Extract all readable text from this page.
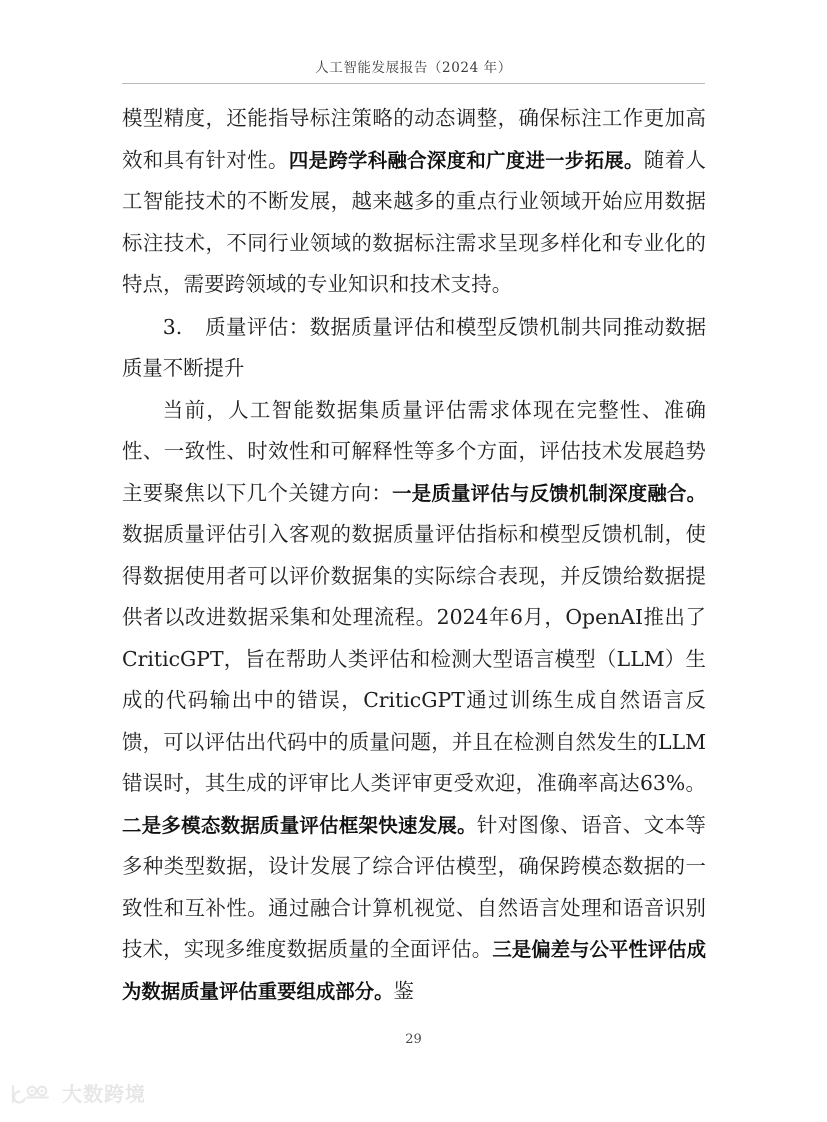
人工智能发展报告（2024 年）

模型精度，还能指导标注策略的动态调整，确保标注工作更加高效和具有针对性。四是跨学科融合深度和广度进一步拓展。随着人工智能技术的不断发展，越来越多的重点行业领域开始应用数据标注技术，不同行业领域的数据标注需求呈现多样化和专业化的特点，需要跨领域的专业知识和技术支持。

3. 质量评估：数据质量评估和模型反馈机制共同推动数据质量不断提升

当前，人工智能数据集质量评估需求体现在完整性、准确性、一致性、时效性和可解释性等多个方面，评估技术发展趋势主要聚焦以下几个关键方向：一是质量评估与反馈机制深度融合。数据质量评估引入客观的数据质量评估指标和模型反馈机制，使得数据使用者可以评价数据集的实际综合表现，并反馈给数据提供者以改进数据采集和处理流程。2024年6月，OpenAI推出了CriticGPT，旨在帮助人类评估和检测大型语言模型（LLM）生成的代码输出中的错误，CriticGPT通过训练生成自然语言反馈，可以评估出代码中的质量问题，并且在检测自然发生的LLM错误时，其生成的评审比人类评审更受欢迎，准确率高达63%。二是多模态数据质量评估框架快速发展。针对图像、语音、文本等多种类型数据，设计发展了综合评估模型，确保跨模态数据的一致性和互补性。通过融合计算机视觉、自然语言处理和语音识别技术，实现多维度数据质量的全面评估。三是偏差与公平性评估成为数据质量评估重要组成部分。鉴

29
大数跨境
